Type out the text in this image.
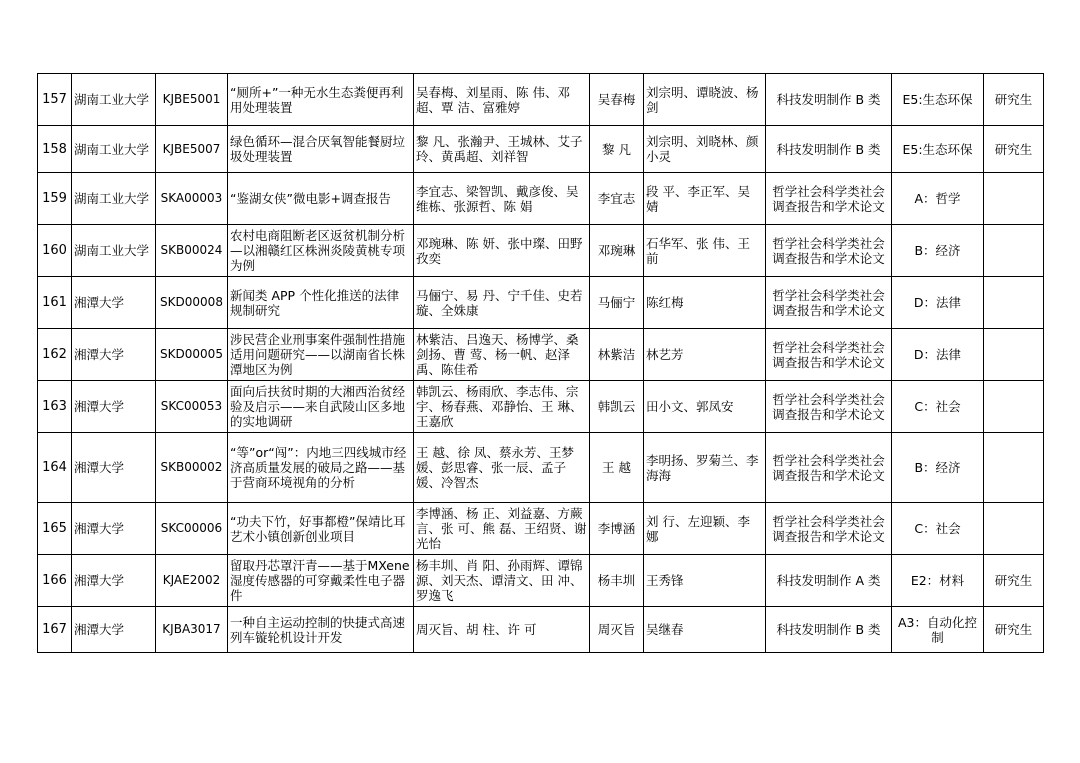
157	湖南工业大学	KJBE5001	“厕所+”一种无水生态粪便再利用处理装置	吴春梅、刘星雨、陈 伟、邓 超、覃 洁、富雅婷	吴春梅	刘宗明、谭晓波、杨 剑	科技发明制作 B 类	E5:生态环保	研究生
158	湖南工业大学	KJBE5007	绿色循环—混合厌氧智能餐厨垃圾处理装置	黎 凡、张瀚尹、王城林、艾子玲、黄禹超、刘祥智	黎 凡	刘宗明、刘晓林、颜小灵	科技发明制作 B 类	E5:生态环保	研究生
159	湖南工业大学	SKA00003	“鉴湖女侠”微电影+调查报告	李宜志、梁智凯、戴彦俊、吴维栋、张源哲、陈 娟	李宜志	段 平、李正军、吴 婧	哲学社会科学类社会调查报告和学术论文	A：哲学	
160	湖南工业大学	SKB00024	农村电商阻断老区返贫机制分析—以湘赣红区株洲炎陵黄桃专项为例	邓琬琳、陈 妍、张中璨、田野孜奕	邓琬琳	石华军、张 伟、王 前	哲学社会科学类社会调查报告和学术论文	B：经济	
161	湘潭大学	SKD00008	新闻类 APP 个性化推送的法律规制研究	马俪宁、易 丹、宁千佳、史若璇、全姝康	马俪宁	陈红梅	哲学社会科学类社会调查报告和学术论文	D：法律	
162	湘潭大学	SKD00005	涉民营企业刑事案件强制性措施适用问题研究——以湖南省长株潭地区为例	林紫洁、吕逸天、杨博学、桑剑扬、曹 莺、杨一帆、赵泽禹、陈佳希	林紫洁	林艺芳	哲学社会科学类社会调查报告和学术论文	D：法律	
163	湘潭大学	SKC00053	面向后扶贫时期的大湘西治贫经验及启示——来自武陵山区多地的实地调研	韩凯云、杨雨欣、李志伟、宗 宇、杨春燕、邓静怡、王 琳、王嘉欣	韩凯云	田小文、郭凤安	哲学社会科学类社会调查报告和学术论文	C：社会	
164	湘潭大学	SKB00002	“等”or“闯”：内地三四线城市经济高质量发展的破局之路——基于营商环境视角的分析	王 越、徐 凤、蔡永芳、王梦媛、彭思睿、张一辰、孟子媛、冷智杰	王 越	李明扬、罗菊兰、李海海	哲学社会科学类社会调查报告和学术论文	B：经济	
165	湘潭大学	SKC00006	“功夫下竹，好事都橙”保靖比耳艺术小镇创新创业项目	李博涵、杨 正、刘益嘉、方蕨言、张 可、熊 磊、王绍贤、谢光怡	李博涵	刘 行、左迎颖、李 娜	哲学社会科学类社会调查报告和学术论文	C：社会	
166	湘潭大学	KJAE2002	留取丹芯罩汗青——基于MXene 湿度传感器的可穿戴柔性电子器件	杨丰圳、肖 阳、孙雨辉、谭锦源、刘天杰、谭清文、田 冲、罗逸飞	杨丰圳	王秀锋	科技发明制作 A 类	E2：材料	研究生
167	湘潭大学	KJBA3017	一种自主运动控制的快捷式高速列车镟轮机设计开发	周灭旨、胡 柱、许 可	周灭旨	吴继春	科技发明制作 B 类	A3：自动化控制	研究生
